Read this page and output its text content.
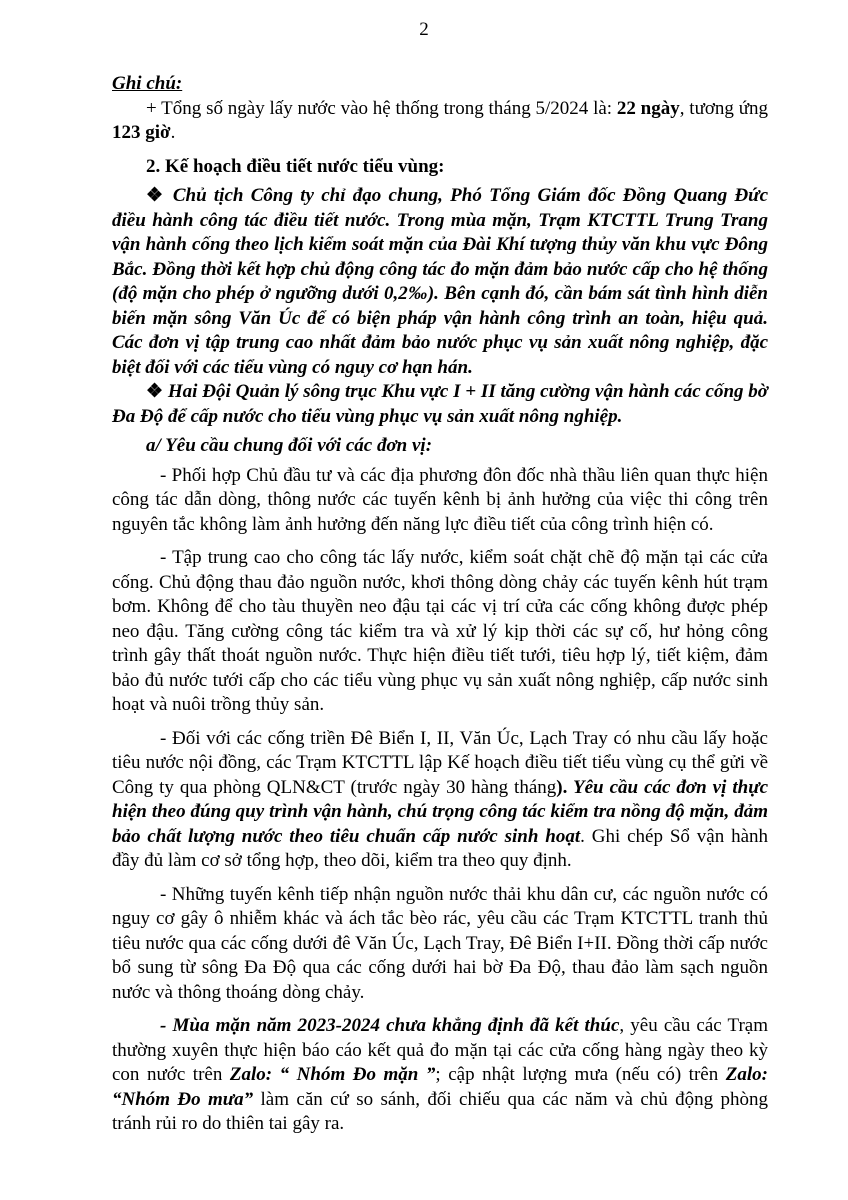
2

Ghi chú:

+ Tổng số ngày lấy nước vào hệ thống trong tháng 5/2024 là: 22 ngày, tương ứng 123 giờ.

2. Kế hoạch điều tiết nước tiểu vùng:

❖ Chủ tịch Công ty chỉ đạo chung, Phó Tổng Giám đốc Đồng Quang Đức điều hành công tác điều tiết nước. Trong mùa mặn, Trạm KTCTTL Trung Trang vận hành cống theo lịch kiểm soát mặn của Đài Khí tượng thủy văn khu vực Đông Bắc. Đồng thời kết hợp chủ động công tác đo mặn đảm bảo nước cấp cho hệ thống (độ mặn cho phép ở ngưỡng dưới 0,2‰). Bên cạnh đó, cần bám sát tình hình diễn biến mặn sông Văn Úc để có biện pháp vận hành công trình an toàn, hiệu quả. Các đơn vị tập trung cao nhất đảm bảo nước phục vụ sản xuất nông nghiệp, đặc biệt đối với các tiểu vùng có nguy cơ hạn hán.

❖ Hai Đội Quản lý sông trục Khu vực I + II tăng cường vận hành các cống bờ Đa Độ để cấp nước cho tiểu vùng phục vụ sản xuất nông nghiệp.

a/ Yêu cầu chung đối với các đơn vị:

- Phối hợp Chủ đầu tư và các địa phương đôn đốc nhà thầu liên quan thực hiện công tác dẫn dòng, thông nước các tuyến kênh bị ảnh hưởng của việc thi công trên nguyên tắc không làm ảnh hưởng đến năng lực điều tiết của công trình hiện có.

- Tập trung cao cho công tác lấy nước, kiểm soát chặt chẽ độ mặn tại các cửa cống. Chủ động thau đảo nguồn nước, khơi thông dòng chảy các tuyến kênh hút trạm bơm. Không để cho tàu thuyền neo đậu tại các vị trí cửa các cống không được phép neo đậu. Tăng cường công tác kiểm tra và xử lý kịp thời các sự cố, hư hỏng công trình gây thất thoát nguồn nước. Thực hiện điều tiết tưới, tiêu hợp lý, tiết kiệm, đảm bảo đủ nước tưới cấp cho các tiểu vùng phục vụ sản xuất nông nghiệp, cấp nước sinh hoạt và nuôi trồng thủy sản.

- Đối với các cống triền Đê Biển I, II, Văn Úc, Lạch Tray có nhu cầu lấy hoặc tiêu nước nội đồng, các Trạm KTCTTL lập Kế hoạch điều tiết tiểu vùng cụ thể gửi về Công ty qua phòng QLN&CT (trước ngày 30 hàng tháng). Yêu cầu các đơn vị thực hiện theo đúng quy trình vận hành, chú trọng công tác kiểm tra nồng độ mặn, đảm bảo chất lượng nước theo tiêu chuẩn cấp nước sinh hoạt. Ghi chép Sổ vận hành đầy đủ làm cơ sở tổng hợp, theo dõi, kiểm tra theo quy định.

- Những tuyến kênh tiếp nhận nguồn nước thải khu dân cư, các nguồn nước có nguy cơ gây ô nhiễm khác và ách tắc bèo rác, yêu cầu các Trạm KTCTTL tranh thủ tiêu nước qua các cống dưới đê Văn Úc, Lạch Tray, Đê Biển I+II. Đồng thời cấp nước bổ sung từ sông Đa Độ qua các cống dưới hai bờ Đa Độ, thau đảo làm sạch nguồn nước và thông thoáng dòng chảy.

- Mùa mặn năm 2023-2024 chưa khẳng định đã kết thúc, yêu cầu các Trạm thường xuyên thực hiện báo cáo kết quả đo mặn tại các cửa cống hàng ngày theo kỳ con nước trên Zalo: “ Nhóm Đo mặn ”; cập nhật lượng mưa (nếu có) trên Zalo: “Nhóm Đo mưa” làm căn cứ so sánh, đối chiếu qua các năm và chủ động phòng tránh rủi ro do thiên tai gây ra.
